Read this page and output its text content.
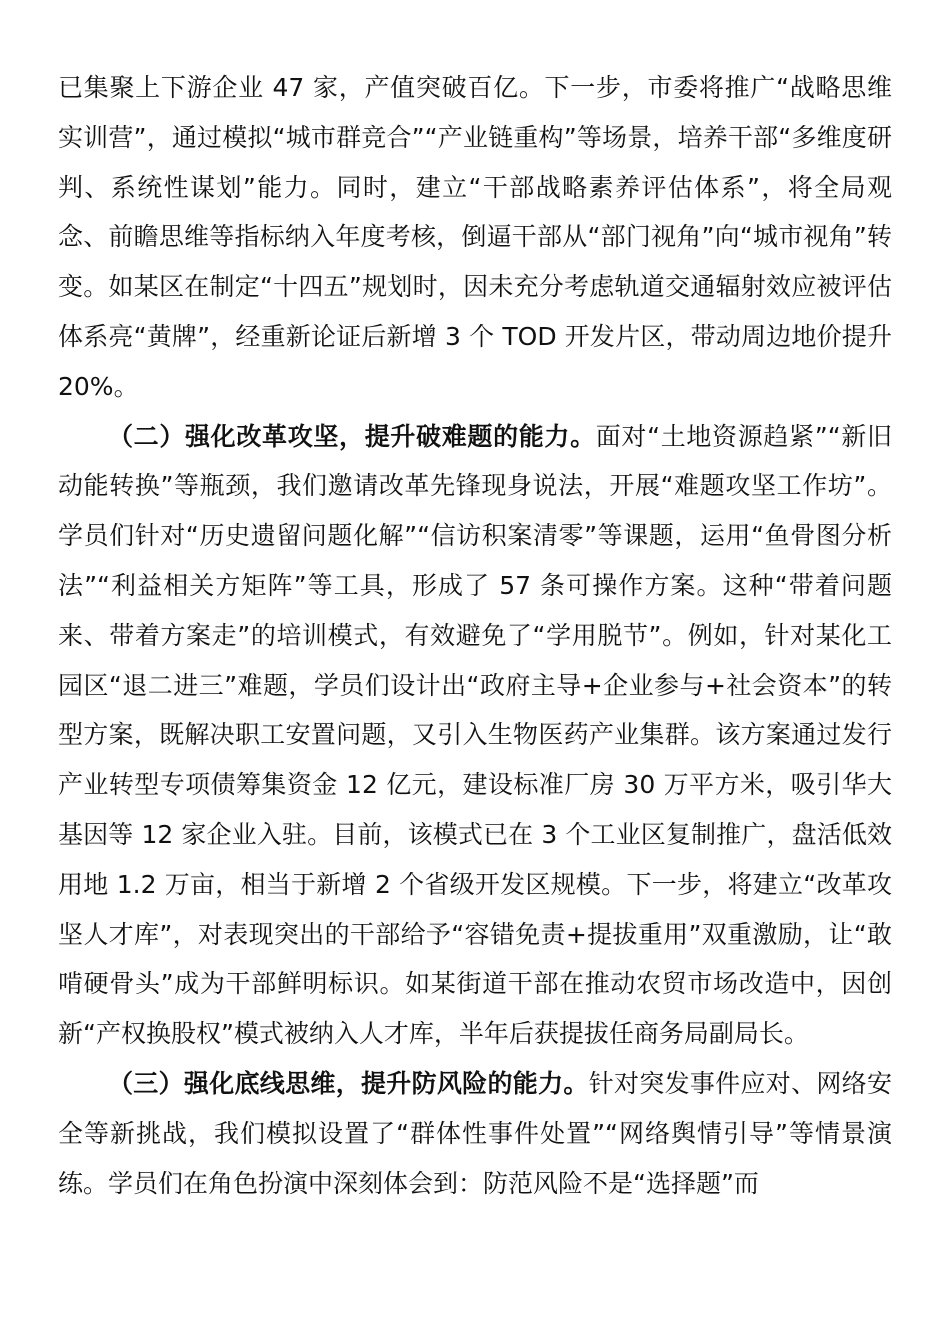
已集聚上下游企业 47 家，产值突破百亿。下一步，市委将推广“战略思维实训营”，通过模拟“城市群竞合”“产业链重构”等场景，培养干部“多维度研判、系统性谋划”能力。同时，建立“干部战略素养评估体系”，将全局观念、前瞻思维等指标纳入年度考核，倒逼干部从“部门视角”向“城市视角”转变。如某区在制定“十四五”规划时，因未充分考虑轨道交通辐射效应被评估体系亮“黄牌”，经重新论证后新增 3 个 TOD 开发片区，带动周边地价提升 20%。

（二）强化改革攻坚，提升破难题的能力。面对“土地资源趋紧”“新旧动能转换”等瓶颈，我们邀请改革先锋现身说法，开展“难题攻坚工作坊”。学员们针对“历史遗留问题化解”“信访积案清零”等课题，运用“鱼骨图分析法”“利益相关方矩阵”等工具，形成了 57 条可操作方案。这种“带着问题来、带着方案走”的培训模式，有效避免了“学用脱节”。例如，针对某化工园区“退二进三”难题，学员们设计出“政府主导+企业参与+社会资本”的转型方案，既解决职工安置问题，又引入生物医药产业集群。该方案通过发行产业转型专项债筹集资金 12 亿元，建设标准厂房 30 万平方米，吸引华大基因等 12 家企业入驻。目前，该模式已在 3 个工业区复制推广，盘活低效用地 1.2 万亩，相当于新增 2 个省级开发区规模。下一步，将建立“改革攻坚人才库”，对表现突出的干部给予“容错免责+提拔重用”双重激励，让“敢啃硬骨头”成为干部鲜明标识。如某街道干部在推动农贸市场改造中，因创新“产权换股权”模式被纳入人才库，半年后获提拔任商务局副局长。

（三）强化底线思维，提升防风险的能力。针对突发事件应对、网络安全等新挑战，我们模拟设置了“群体性事件处置”“网络舆情引导”等情景演练。学员们在角色扮演中深刻体会到：防范风险不是“选择题”而
